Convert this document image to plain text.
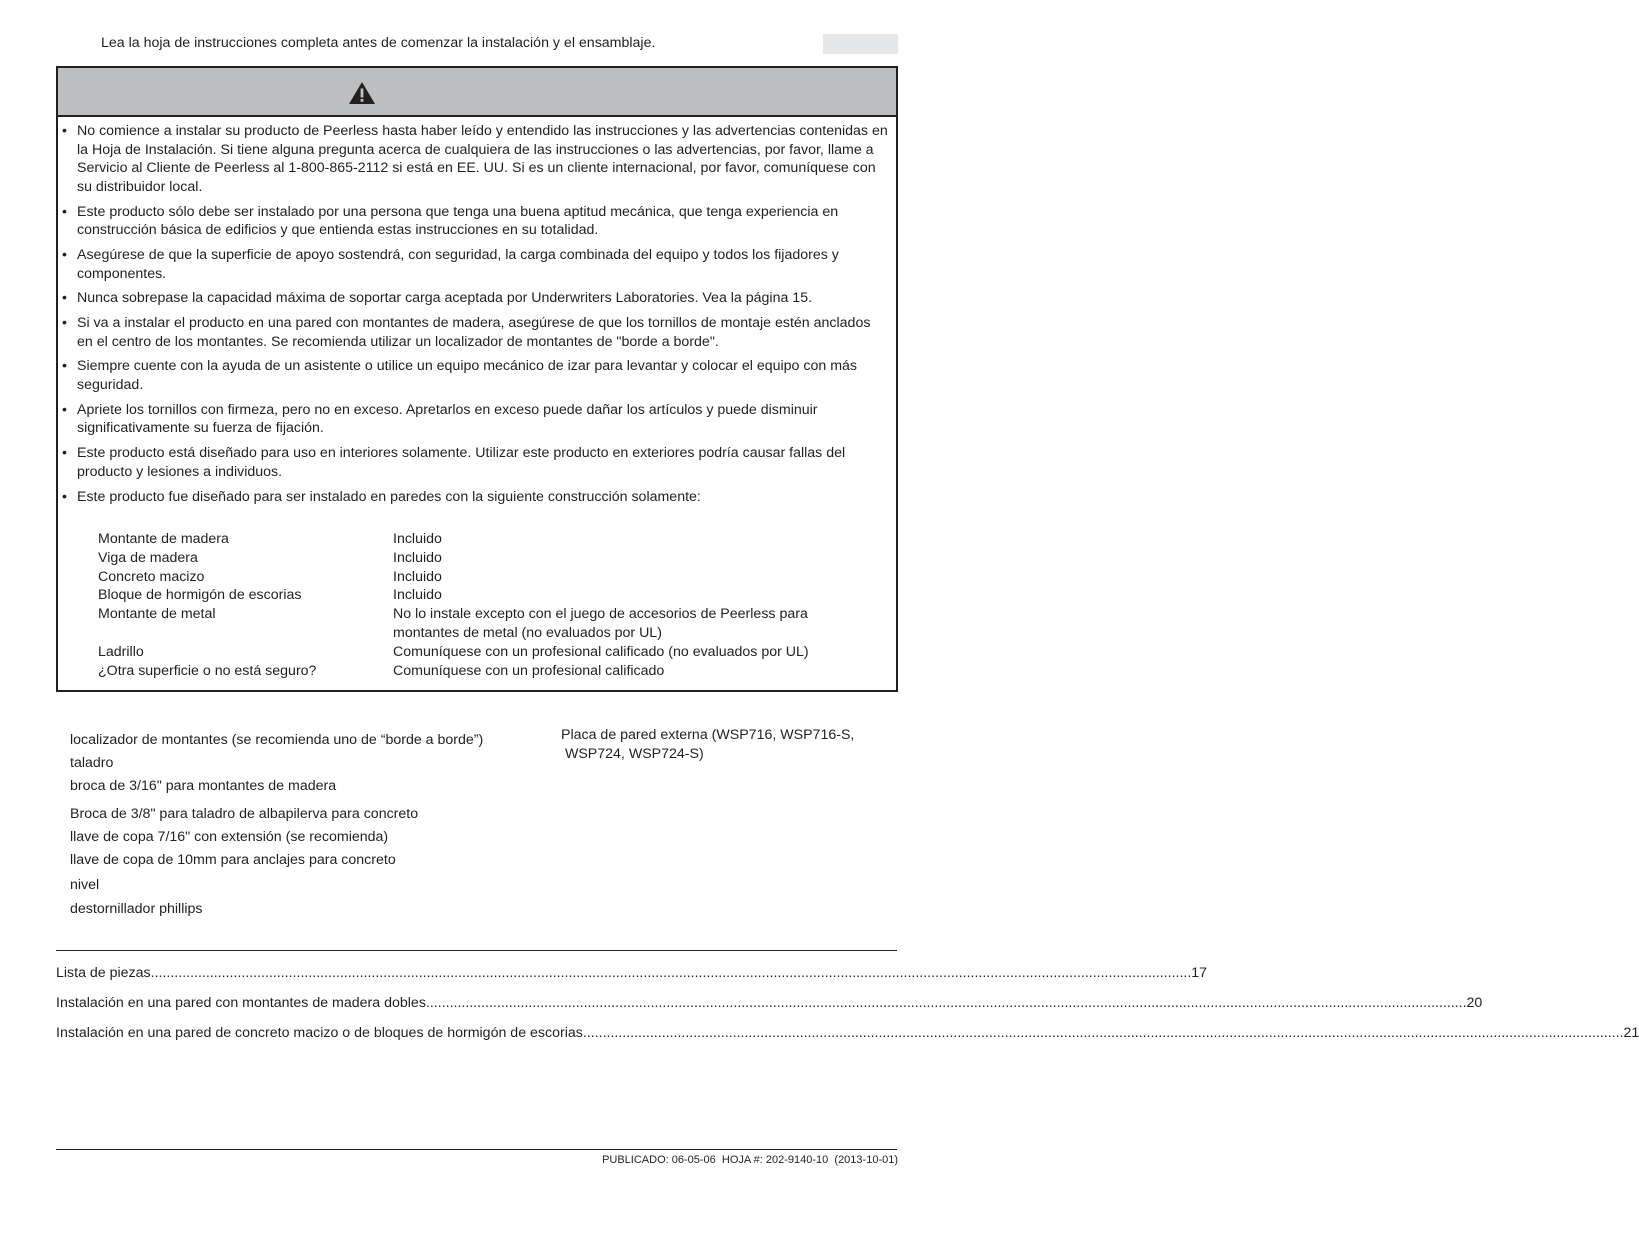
Lea la hoja de instrucciones completa antes de comenzar la instalación y el ensamblaje.
• No comience a instalar su producto de Peerless hasta haber leído y entendido las instrucciones y las advertencias contenidas en la Hoja de Instalación. Si tiene alguna pregunta acerca de cualquiera de las instrucciones o las advertencias, por favor, llame a Servicio al Cliente de Peerless al 1-800-865-2112 si está en EE. UU. Si es un cliente internacional, por favor, comuníquese con su distribuidor local.
• Este producto sólo debe ser instalado por una persona que tenga una buena aptitud mecánica, que tenga experiencia en construcción básica de edificios y que entienda estas instrucciones en su totalidad.
• Asegúrese de que la superficie de apoyo sostendrá, con seguridad, la carga combinada del equipo y todos los fijadores y componentes.
• Nunca sobrepase la capacidad máxima de soportar carga aceptada por Underwriters Laboratories. Vea la página 15.
• Si va a instalar el producto en una pared con montantes de madera, asegúrese de que los tornillos de montaje estén anclados en el centro de los montantes. Se recomienda utilizar un localizador de montantes de "borde a borde".
• Siempre cuente con la ayuda de un asistente o utilice un equipo mecánico de izar para levantar y colocar el equipo con más seguridad.
• Apriete los tornillos con firmeza, pero no en exceso. Apretarlos en exceso puede dañar los artículos y puede disminuir significativamente su fuerza de fijación.
• Este producto está diseñado para uso en interiores solamente. Utilizar este producto en exteriores podría causar fallas del producto y lesiones a individuos.
• Este producto fue diseñado para ser instalado en paredes con la siguiente construcción solamente:
Montante de madera	Incluido
Viga de madera	Incluido
Concreto macizo	Incluido
Bloque de hormigón de escorias	Incluido
Montante de metal	No lo instale excepto con el juego de accesorios de Peerless para montantes de metal (no evaluados por UL)
Ladrillo	Comuníquese con un profesional calificado (no evaluados por UL)
¿Otra superficie o no está seguro?	Comuníquese con un profesional calificado
localizador de montantes (se recomienda uno de “borde a borde”)
taladro
broca de 3/16" para montantes de madera
Broca de 3/8" para taladro de albapilerva para concreto
llave de copa 7/16" con extensión (se recomienda)
llave de copa de 10mm para anclajes para concreto
nivel
destornillador phillips
Placa de pared externa (WSP716, WSP716-S,
WSP724, WSP724-S)
Lista de piezas ........................................................................................................................................................................................................................................................................ 17
Instalación en una pared con montantes de madera dobles ........................................................................................................................................................................................................................................................................ 20
Instalación en una pared de concreto macizo o de bloques de hormigón de escorias ........................................................................................................................................................................................................................................................................ 21
PUBLICADO: 06-05-06  HOJA #: 202-9140-10  (2013-10-01)
